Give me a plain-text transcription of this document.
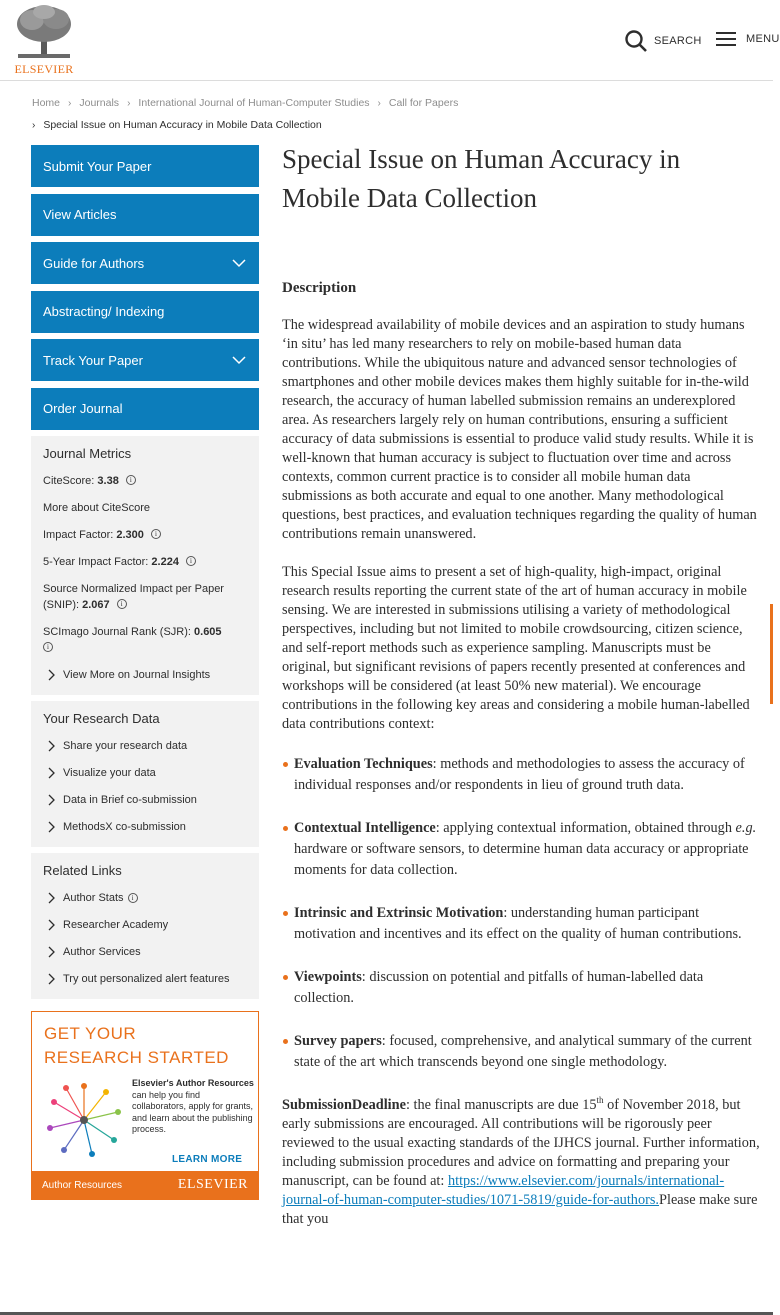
ELSEVIER
SEARCH	MENU
Home › Journals › International Journal of Human-Computer Studies › Call for Papers
› Special Issue on Human Accuracy in Mobile Data Collection
Submit Your Paper
View Articles
Guide for Authors
Abstracting/ Indexing
Track Your Paper
Order Journal
Journal Metrics
CiteScore: 3.38 i
More about CiteScore
Impact Factor: 2.300 i
5-Year Impact Factor: 2.224 i
Source Normalized Impact per Paper (SNIP): 2.067 i
SCImago Journal Rank (SJR): 0.605
i
View More on Journal Insights
Your Research Data
Share your research data
Visualize your data
Data in Brief co-submission
MethodsX co-submission
Related Links
Author Stats	i
Researcher Academy
Author Services
Try out personalized alert features
GET YOUR
RESEARCH STARTED
Elsevier's Author Resources can help you find collaborators, apply for grants, and learn about the publishing process.
LEARN MORE
Author Resources	ELSEVIER
Special Issue on Human Accuracy in Mobile Data Collection
Description

The widespread availability of mobile devices and an aspiration to study humans ‘in situ’ has led many researchers to rely on mobile-based human data contributions. While the ubiquitous nature and advanced sensor technologies of smartphones and other mobile devices makes them highly suitable for in-the-wild research, the accuracy of human labelled submission remains an underexplored area. As researchers largely rely on human contributions, ensuring a sufficient accuracy of data submissions is essential to produce valid study results. While it is well-known that human accuracy is subject to fluctuation over time and across contexts, common current practice is to consider all mobile human data submissions as both accurate and equal to one another. Many methodological questions, best practices, and evaluation techniques regarding the quality of human contributions remain unanswered.

This Special Issue aims to present a set of high-quality, high-impact, original research results reporting the current state of the art of human accuracy in mobile sensing. We are interested in submissions utilising a variety of methodological perspectives, including but not limited to mobile crowdsourcing, citizen science, and self-report methods such as experience sampling. Manuscripts must be original, but significant revisions of papers recently presented at conferences and workshops will be considered (at least 50% new material). We encourage contributions in the following key areas and considering a mobile human-labelled data contributions context:

Evaluation Techniques: methods and methodologies to assess the accuracy of individual responses and/or respondents in lieu of ground truth data.
Contextual Intelligence: applying contextual information, obtained through e.g. hardware or software sensors, to determine human data accuracy or appropriate moments for data collection.
Intrinsic and Extrinsic Motivation: understanding human participant motivation and incentives and its effect on the quality of human contributions.
Viewpoints: discussion on potential and pitfalls of human-labelled data collection.
Survey papers: focused, comprehensive, and analytical summary of the current state of the art which transcends beyond one single methodology.

SubmissionDeadline: the final manuscripts are due 15th of November 2018, but early submissions are encouraged. All contributions will be rigorously peer reviewed to the usual exacting standards of the IJHCS journal. Further information, including submission procedures and advice on formatting and preparing your manuscript, can be found at: https://www.elsevier.com/journals/international-journal-of-human-computer-studies/1071-5819/guide-for-authors.Please make sure that you
